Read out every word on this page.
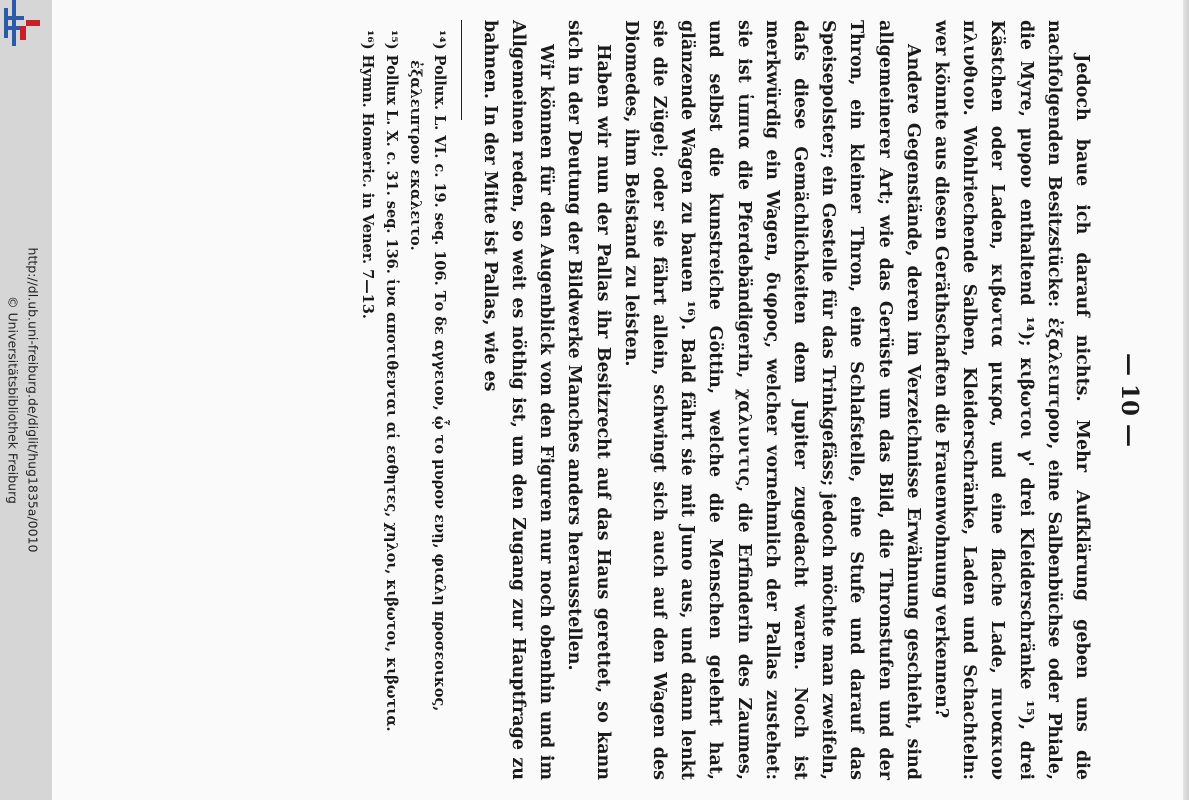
http://dl.ub.uni-freiburg.de/diglit/hug1835a/0010
© Universitätsbibliothek Freiburg	— 10 —

Jedoch baue ich darauf nichts. Mehr Aufklärung geben uns die nachfolgenden Besitzstücke: ἐξαλειπτρον, eine Salbenbüchse oder Phiale, die Myre, μυρον enthaltend ¹⁴); κιβωτοι γ' drei Kleiderschränke ¹⁵), drei Kästchen oder Laden, κιβωτια μικρα, und eine flache Lade, πινακιον πλινθιον. Wohlriechende Salben, Kleiderschränke, Laden und Schachteln: wer könnte aus diesen Geräthschaften die Frauenwohnung verkennen?

Andere Gegenstände, deren im Verzeichnisse Erwähnung geschieht, sind allgemeinerer Art; wie das Gerüste um das Bild, die Thronstufen und der Thron, ein kleiner Thron, eine Schlafstelle, eine Stufe und darauf das Speisepolster; ein Gestelle für das Trinkgefäss; jedoch möchte man zweifeln, daſs diese Gemächlichkeiten dem Jupiter zugedacht waren. Noch ist merkwürdig ein Wagen, διφρος, welcher vornehmlich der Pallas zustehet: sie ist ἱππια die Pferdebändigerin, χαλινιτις, die Erfinderin des Zaumes, und selbst die kunstreiche Göttin, welche die Menschen gelehrt hat, glänzende Wagen zu bauen ¹⁶). Bald fährt sie mit Juno aus, und dann lenkt sie die Zügel; oder sie fährt allein, schwingt sich auch auf den Wagen des Diomedes, ihm Beistand zu leisten.

Haben wir nun der Pallas ihr Besitzrecht auf das Haus gerettet, so kann sich in der Deutung der Bildwerke Manches anders herausstellen.

Wir können für den Augenblick von den Figuren nur noch obenhin und im Allgemeinen reden, so weit es nöthig ist, um den Zugang zur Hauptfrage zu bahnen. In der Mitte ist Pallas, wie es

¹⁴) Pollux. L. VI. c. 19. seq. 106. Το δε αγγειον, ᾧ το μυρον ενῃ, φιαλη προσεοικος, ἐξαλειπτρον εκαλειτο.

¹⁵) Pollux L. X. c. 31. seq. 136. ἱνα αποτιθενται αἱ εσθητες, χηλοι, κιβωτοι, κιβωτια.

¹⁶) Hymn. Homeric. in Vener. 7—13.
